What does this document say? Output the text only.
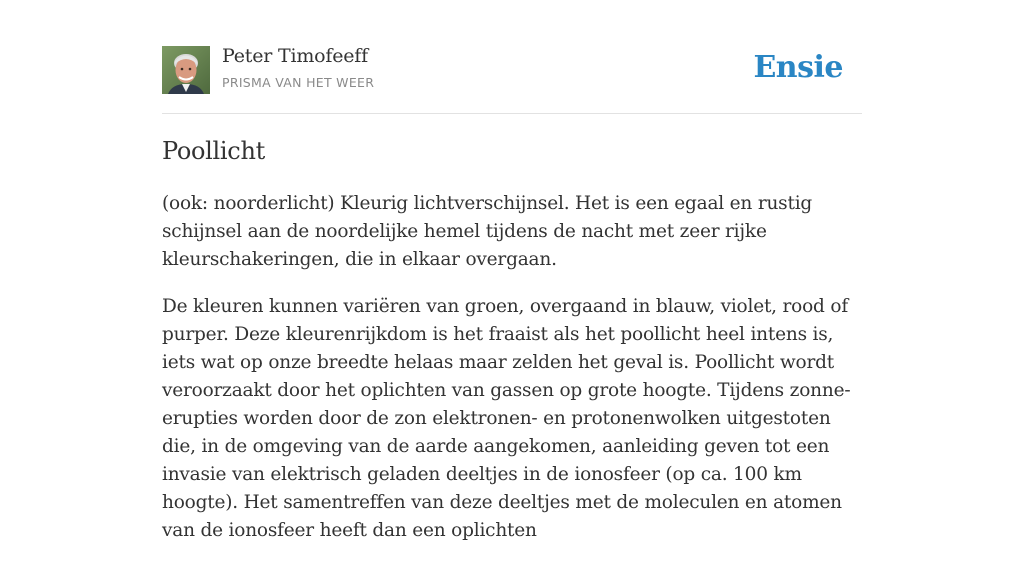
Peter Timofeeff
PRISMA VAN HET WEER	Ensie
Poollicht

(ook: noorderlicht) Kleurig lichtverschijnsel. Het is een egaal en rustig schijnsel aan de noordelijke hemel tijdens de nacht met zeer rijke kleurschakeringen, die in elkaar overgaan.

De kleuren kunnen variëren van groen, overgaand in blauw, violet, rood of purper. Deze kleurenrijkdom is het fraaist als het poollicht heel intens is, iets wat op onze breedte helaas maar zelden het geval is. Poollicht wordt veroorzaakt door het oplichten van gassen op grote hoogte. Tijdens zonne-erupties worden door de zon elektronen- en protonenwolken uitgestoten die, in de omgeving van de aarde aangekomen, aanleiding geven tot een invasie van elektrisch geladen deeltjes in de ionosfeer (op ca. 100 km hoogte). Het samentreffen van deze deeltjes met de moleculen en atomen van de ionosfeer heeft dan een oplichten
